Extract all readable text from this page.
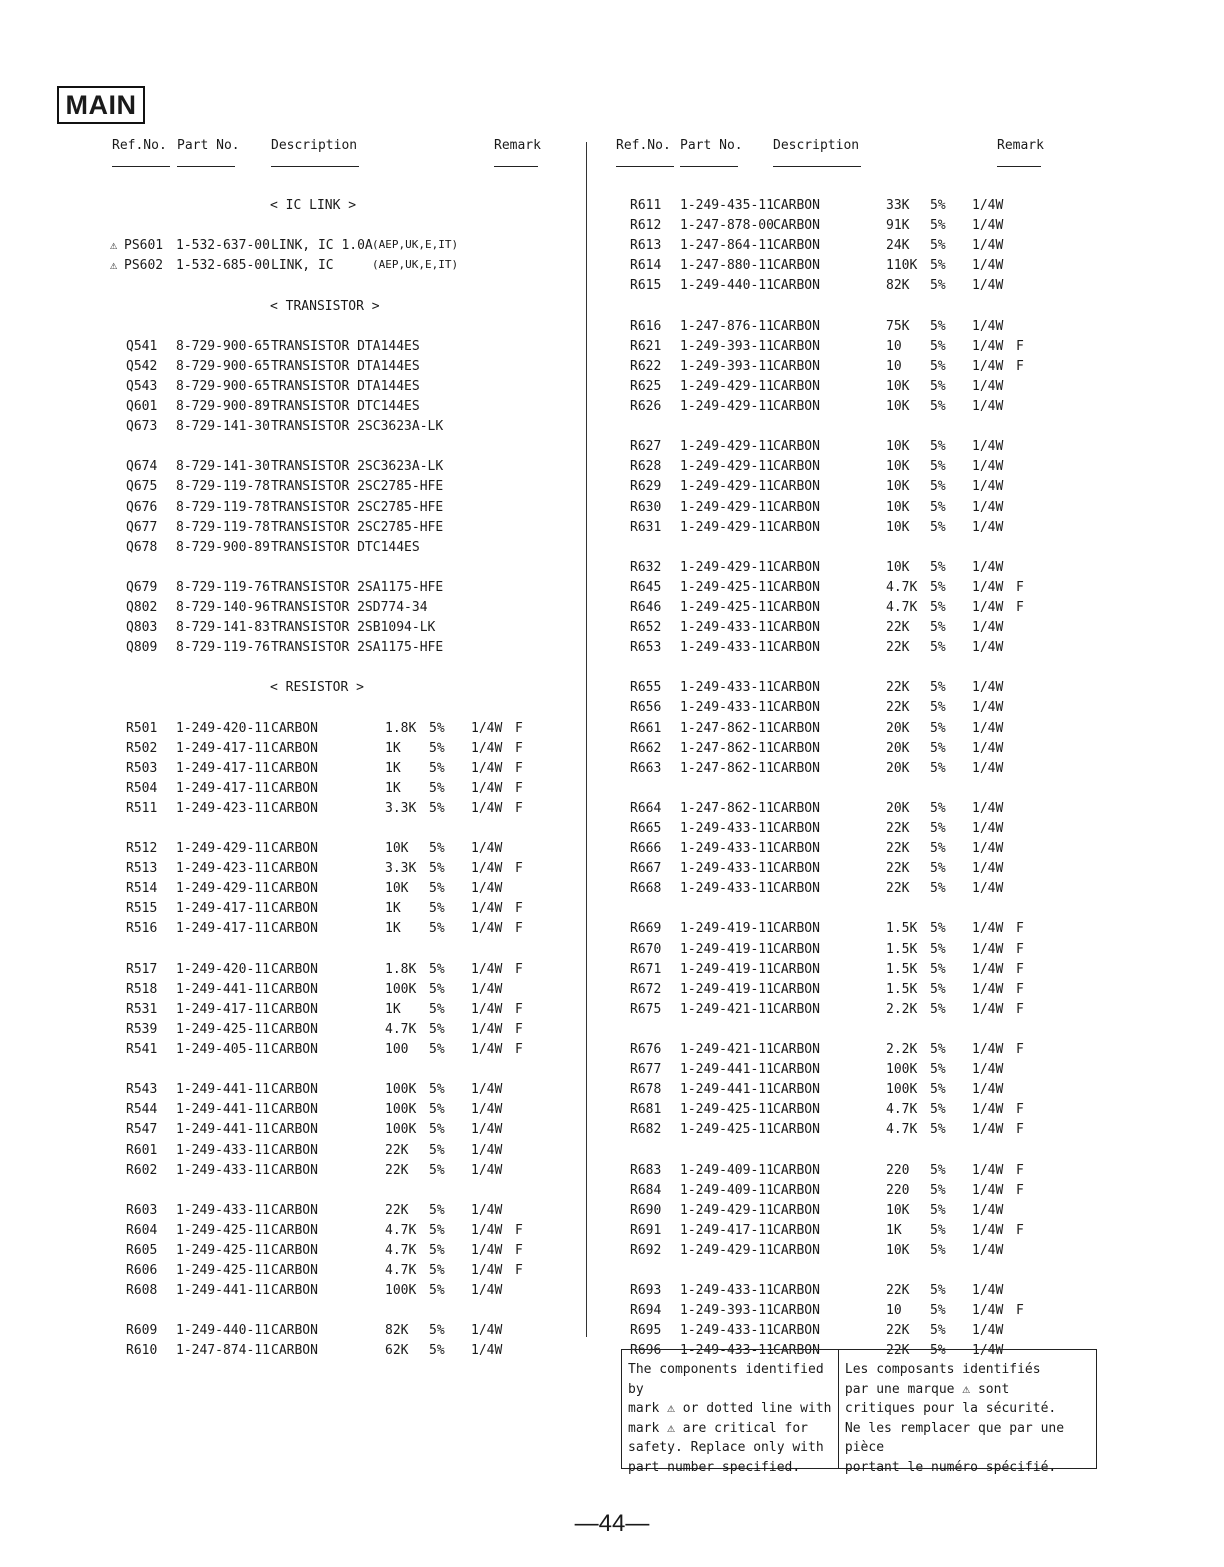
MAIN
Ref.No. Part No. Description	Remark
< IC LINK >
⚠ PS601 1-532-637-00 LINK, IC 1.0A (AEP,UK,E,IT)
⚠ PS602 1-532-685-00 LINK, IC	(AEP,UK,E,IT)
< TRANSISTOR >
Q541 8-729-900-65 TRANSISTOR DTA144ES
Q542 8-729-900-65 TRANSISTOR DTA144ES
Q543 8-729-900-65 TRANSISTOR DTA144ES
Q601 8-729-900-89 TRANSISTOR DTC144ES
Q673 8-729-141-30 TRANSISTOR 2SC3623A-LK
Q674 8-729-141-30 TRANSISTOR 2SC3623A-LK
Q675 8-729-119-78 TRANSISTOR 2SC2785-HFE
Q676 8-729-119-78 TRANSISTOR 2SC2785-HFE
Q677 8-729-119-78 TRANSISTOR 2SC2785-HFE
Q678 8-729-900-89 TRANSISTOR DTC144ES
Q679 8-729-119-76 TRANSISTOR 2SA1175-HFE
Q802 8-729-140-96 TRANSISTOR 2SD774-34
Q803 8-729-141-83 TRANSISTOR 2SB1094-LK
Q809 8-729-119-76 TRANSISTOR 2SA1175-HFE
< RESISTOR >
R501 1-249-420-11 CARBON	1.8K 5% 1/4W F
R502 1-249-417-11 CARBON	1K 5% 1/4W F
R503 1-249-417-11 CARBON	1K 5% 1/4W F
R504 1-249-417-11 CARBON	1K 5% 1/4W F
R511 1-249-423-11 CARBON	3.3K 5% 1/4W F
R512 1-249-429-11 CARBON	10K 5% 1/4W
R513 1-249-423-11 CARBON	3.3K 5% 1/4W F
R514 1-249-429-11 CARBON	10K 5% 1/4W
R515 1-249-417-11 CARBON	1K 5% 1/4W F
R516 1-249-417-11 CARBON	1K 5% 1/4W F
R517 1-249-420-11 CARBON	1.8K 5% 1/4W F
R518 1-249-441-11 CARBON	100K 5% 1/4W
R531 1-249-417-11 CARBON	1K 5% 1/4W F
R539 1-249-425-11 CARBON	4.7K 5% 1/4W F
R541 1-249-405-11 CARBON	100 5% 1/4W F
R543 1-249-441-11 CARBON	100K 5% 1/4W
R544 1-249-441-11 CARBON	100K 5% 1/4W
R547 1-249-441-11 CARBON	100K 5% 1/4W
R601 1-249-433-11 CARBON	22K 5% 1/4W
R602 1-249-433-11 CARBON	22K 5% 1/4W
R603 1-249-433-11 CARBON	22K 5% 1/4W
R604 1-249-425-11 CARBON	4.7K 5% 1/4W F
R605 1-249-425-11 CARBON	4.7K 5% 1/4W F
R606 1-249-425-11 CARBON	4.7K 5% 1/4W F
R608 1-249-441-11 CARBON	100K 5% 1/4W
R609 1-249-440-11 CARBON	82K 5% 1/4W
R610 1-247-874-11 CARBON	62K 5% 1/4W
Ref.No. Part No. Description	Remark
R611 1-249-435-11 CARBON	33K 5% 1/4W
R612 1-247-878-00 CARBON	91K 5% 1/4W
R613 1-247-864-11 CARBON	24K 5% 1/4W
R614 1-247-880-11 CARBON	110K 5% 1/4W
R615 1-249-440-11 CARBON	82K 5% 1/4W
R616 1-247-876-11 CARBON	75K 5% 1/4W
R621 1-249-393-11 CARBON	10 5% 1/4W F
R622 1-249-393-11 CARBON	10 5% 1/4W F
R625 1-249-429-11 CARBON	10K 5% 1/4W
R626 1-249-429-11 CARBON	10K 5% 1/4W
R627 1-249-429-11 CARBON	10K 5% 1/4W
R628 1-249-429-11 CARBON	10K 5% 1/4W
R629 1-249-429-11 CARBON	10K 5% 1/4W
R630 1-249-429-11 CARBON	10K 5% 1/4W
R631 1-249-429-11 CARBON	10K 5% 1/4W
R632 1-249-429-11 CARBON	10K 5% 1/4W
R645 1-249-425-11 CARBON	4.7K 5% 1/4W F
R646 1-249-425-11 CARBON	4.7K 5% 1/4W F
R652 1-249-433-11 CARBON	22K 5% 1/4W
R653 1-249-433-11 CARBON	22K 5% 1/4W
R655 1-249-433-11 CARBON	22K 5% 1/4W
R656 1-249-433-11 CARBON	22K 5% 1/4W
R661 1-247-862-11 CARBON	20K 5% 1/4W
R662 1-247-862-11 CARBON	20K 5% 1/4W
R663 1-247-862-11 CARBON	20K 5% 1/4W
R664 1-247-862-11 CARBON	20K 5% 1/4W
R665 1-249-433-11 CARBON	22K 5% 1/4W
R666 1-249-433-11 CARBON	22K 5% 1/4W
R667 1-249-433-11 CARBON	22K 5% 1/4W
R668 1-249-433-11 CARBON	22K 5% 1/4W
R669 1-249-419-11 CARBON	1.5K 5% 1/4W F
R670 1-249-419-11 CARBON	1.5K 5% 1/4W F
R671 1-249-419-11 CARBON	1.5K 5% 1/4W F
R672 1-249-419-11 CARBON	1.5K 5% 1/4W F
R675 1-249-421-11 CARBON	2.2K 5% 1/4W F
R676 1-249-421-11 CARBON	2.2K 5% 1/4W F
R677 1-249-441-11 CARBON	100K 5% 1/4W
R678 1-249-441-11 CARBON	100K 5% 1/4W
R681 1-249-425-11 CARBON	4.7K 5% 1/4W F
R682 1-249-425-11 CARBON	4.7K 5% 1/4W F
R683 1-249-409-11 CARBON	220 5% 1/4W F
R684 1-249-409-11 CARBON	220 5% 1/4W F
R690 1-249-429-11 CARBON	10K 5% 1/4W
R691 1-249-417-11 CARBON	1K 5% 1/4W F
R692 1-249-429-11 CARBON	10K 5% 1/4W
R693 1-249-433-11 CARBON	22K 5% 1/4W
R694 1-249-393-11 CARBON	10 5% 1/4W F
R695 1-249-433-11 CARBON	22K 5% 1/4W
R696 1-249-433-11 CARBON	22K 5% 1/4W
The components identified by
mark ⚠ or dotted line with
mark ⚠ are critical for
safety. Replace only with
part number specified.
Les composants identifiés
par une marque ⚠ sont
critiques pour la sécurité.
Ne les remplacer que par une pièce
portant le numéro spécifié.
—44—
